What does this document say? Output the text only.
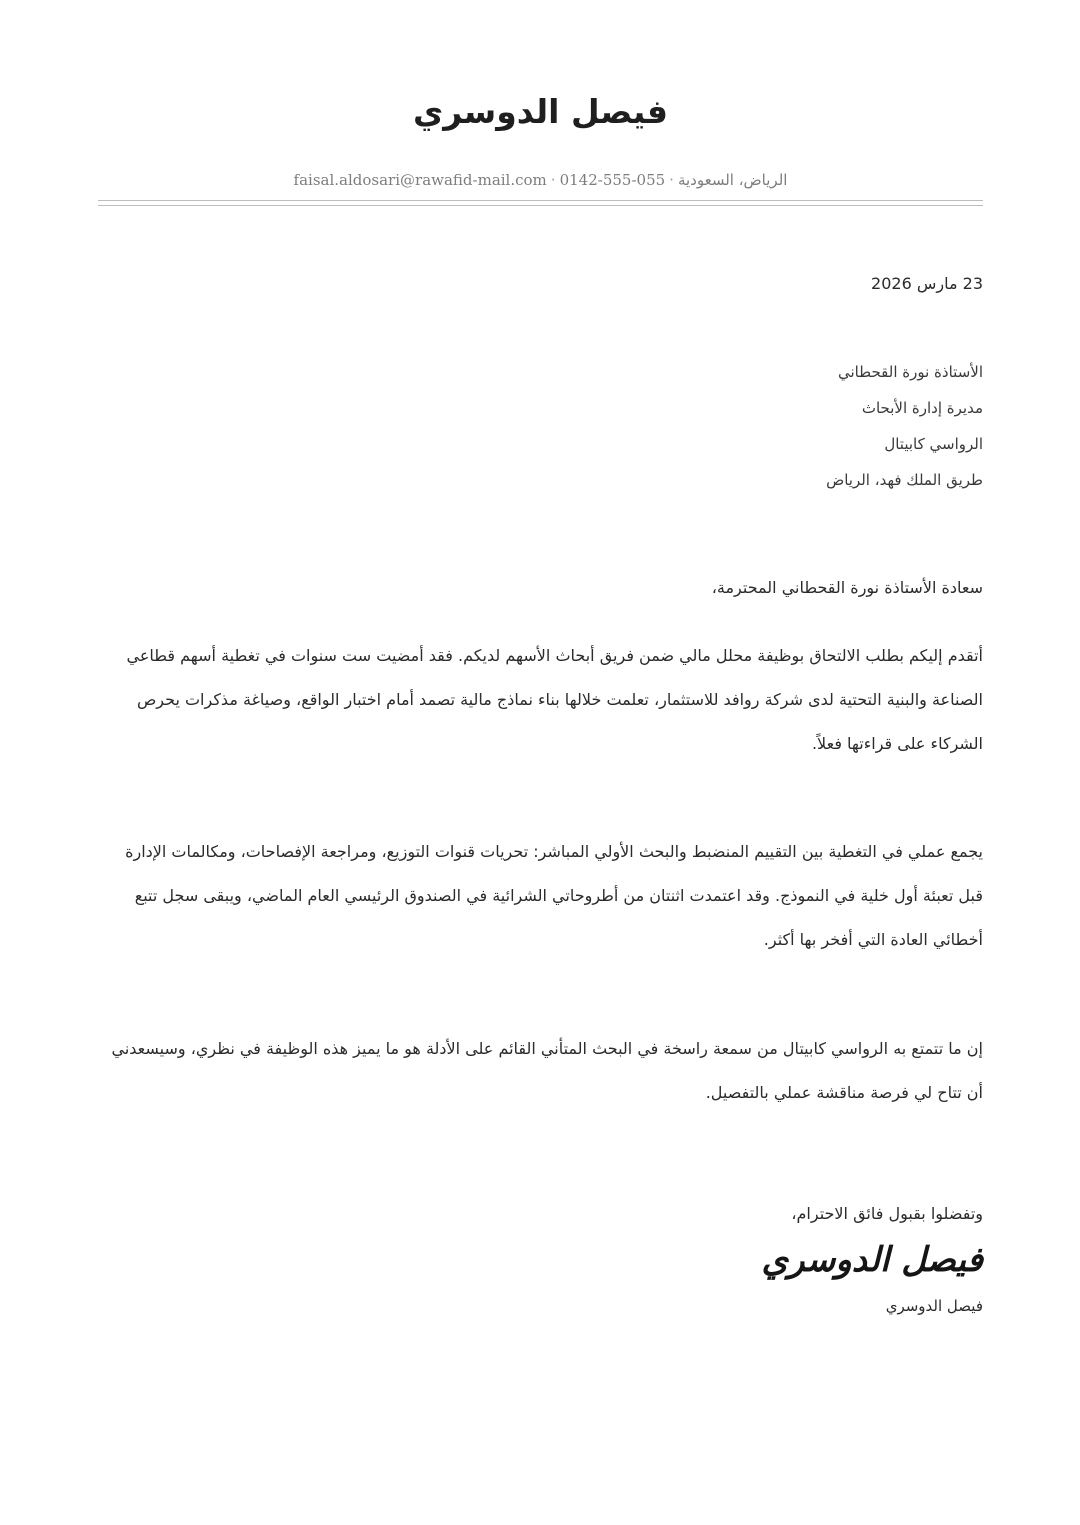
فيصل الدوسري
الرياض، السعودية·0142-555-055·faisal.aldosari@rawafid-mail.com
23 مارس 2026
الأستاذة نورة القحطاني
مديرة إدارة الأبحاث
الرواسي كابيتال
طريق الملك فهد، الرياض
سعادة الأستاذة نورة القحطاني المحترمة،

أتقدم إليكم بطلب الالتحاق بوظيفة محلل مالي ضمن فريق أبحاث الأسهم لديكم. فقد أمضيت ست سنوات في تغطية أسهم قطاعي الصناعة والبنية التحتية لدى شركة روافد للاستثمار، تعلمت خلالها بناء نماذج مالية تصمد أمام اختبار الواقع، وصياغة مذكرات يحرص الشركاء على قراءتها فعلاً.

يجمع عملي في التغطية بين التقييم المنضبط والبحث الأولي المباشر: تحريات قنوات التوزيع، ومراجعة الإفصاحات، ومكالمات الإدارة قبل تعبئة أول خلية في النموذج. وقد اعتمدت اثنتان من أطروحاتي الشرائية في الصندوق الرئيسي العام الماضي، ويبقى سجل تتبع أخطائي العادة التي أفخر بها أكثر.

إن ما تتمتع به الرواسي كابيتال من سمعة راسخة في البحث المتأني القائم على الأدلة هو ما يميز هذه الوظيفة في نظري، وسيسعدني أن تتاح لي فرصة مناقشة عملي بالتفصيل.

وتفضلوا بقبول فائق الاحترام،
فيصل الدوسري
فيصل الدوسري
